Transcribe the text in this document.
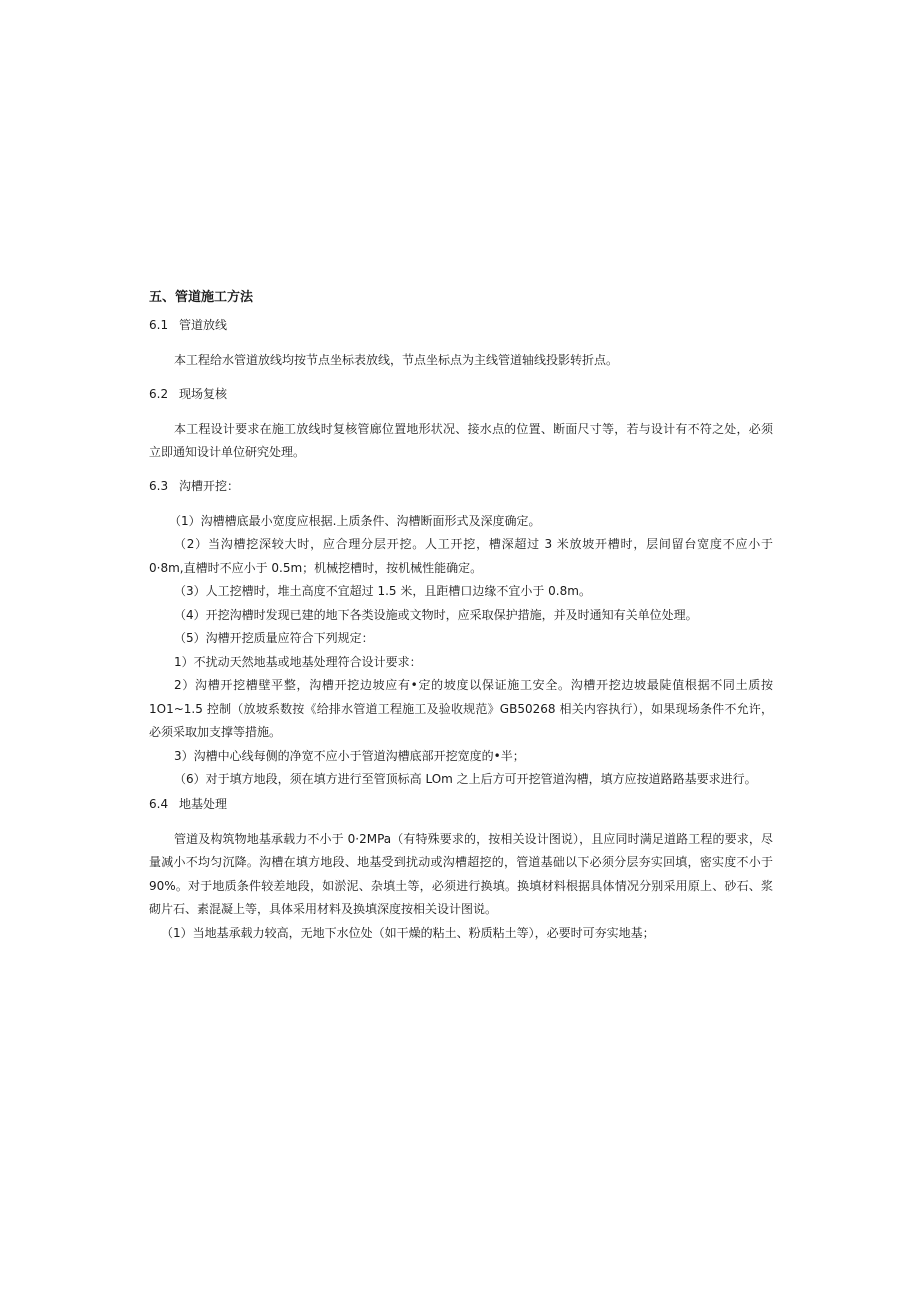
五、管道施工方法
6.1 管道放线

本工程给水管道放线均按节点坐标表放线，节点坐标点为主线管道轴线投影转折点。

6.2 现场复核

本工程设计要求在施工放线时复核管廊位置地形状况、接水点的位置、断面尺寸等，若与设计有不符之处，必须立即通知设计单位研究处理。

6.3 沟槽开挖：

（1）沟槽槽底最小宽度应根据.上质条件、沟槽断面形式及深度确定。

（2）当沟槽挖深较大时，应合理分层开挖。人工开挖，槽深超过 3 米放坡开槽时，层间留台宽度不应小于 0·8m,直槽时不应小于 0.5m；机械挖槽时，按机械性能确定。

（3）人工挖槽时，堆土高度不宜超过 1.5 米，且距槽口边缘不宜小于 0.8m。

（4）开挖沟槽时发现已建的地下各类设施或文物时，应采取保护措施，并及时通知有关单位处理。

（5）沟槽开挖质量应符合下列规定：

1）不扰动天然地基或地基处理符合设计要求：

2）沟槽开挖槽壁平整，沟槽开挖边坡应有•定的坡度以保证施工安全。沟槽开挖边坡最陡值根据不同土质按 1O1~1.5 控制（放坡系数按《给排水管道工程施工及验收规范》GB50268 相关内容执行），如果现场条件不允许，必须采取加支撑等措施。

3）沟槽中心线每侧的净宽不应小于管道沟槽底部开挖宽度的•半；

（6）对于填方地段，须在填方进行至管顶标高 LOm 之上后方可开挖管道沟槽，填方应按道路路基要求进行。

6.4 地基处理

管道及构筑物地基承载力不小于 0·2MPa（有特殊要求的，按相关设计图说），且应同时满足道路工程的要求，尽量减小不均匀沉降。沟槽在填方地段、地基受到扰动或沟槽超挖的，管道基础以下必须分层夯实回填，密实度不小于 90%。对于地质条件较差地段，如淤泥、杂填土等，必须进行换填。换填材料根据具体情况分别采用原上、砂石、浆砌片石、素混凝上等，具体采用材料及换填深度按相关设计图说。

（1）当地基承载力较高，无地下水位处（如干燥的粘土、粉质粘土等），必要时可夯实地基；
